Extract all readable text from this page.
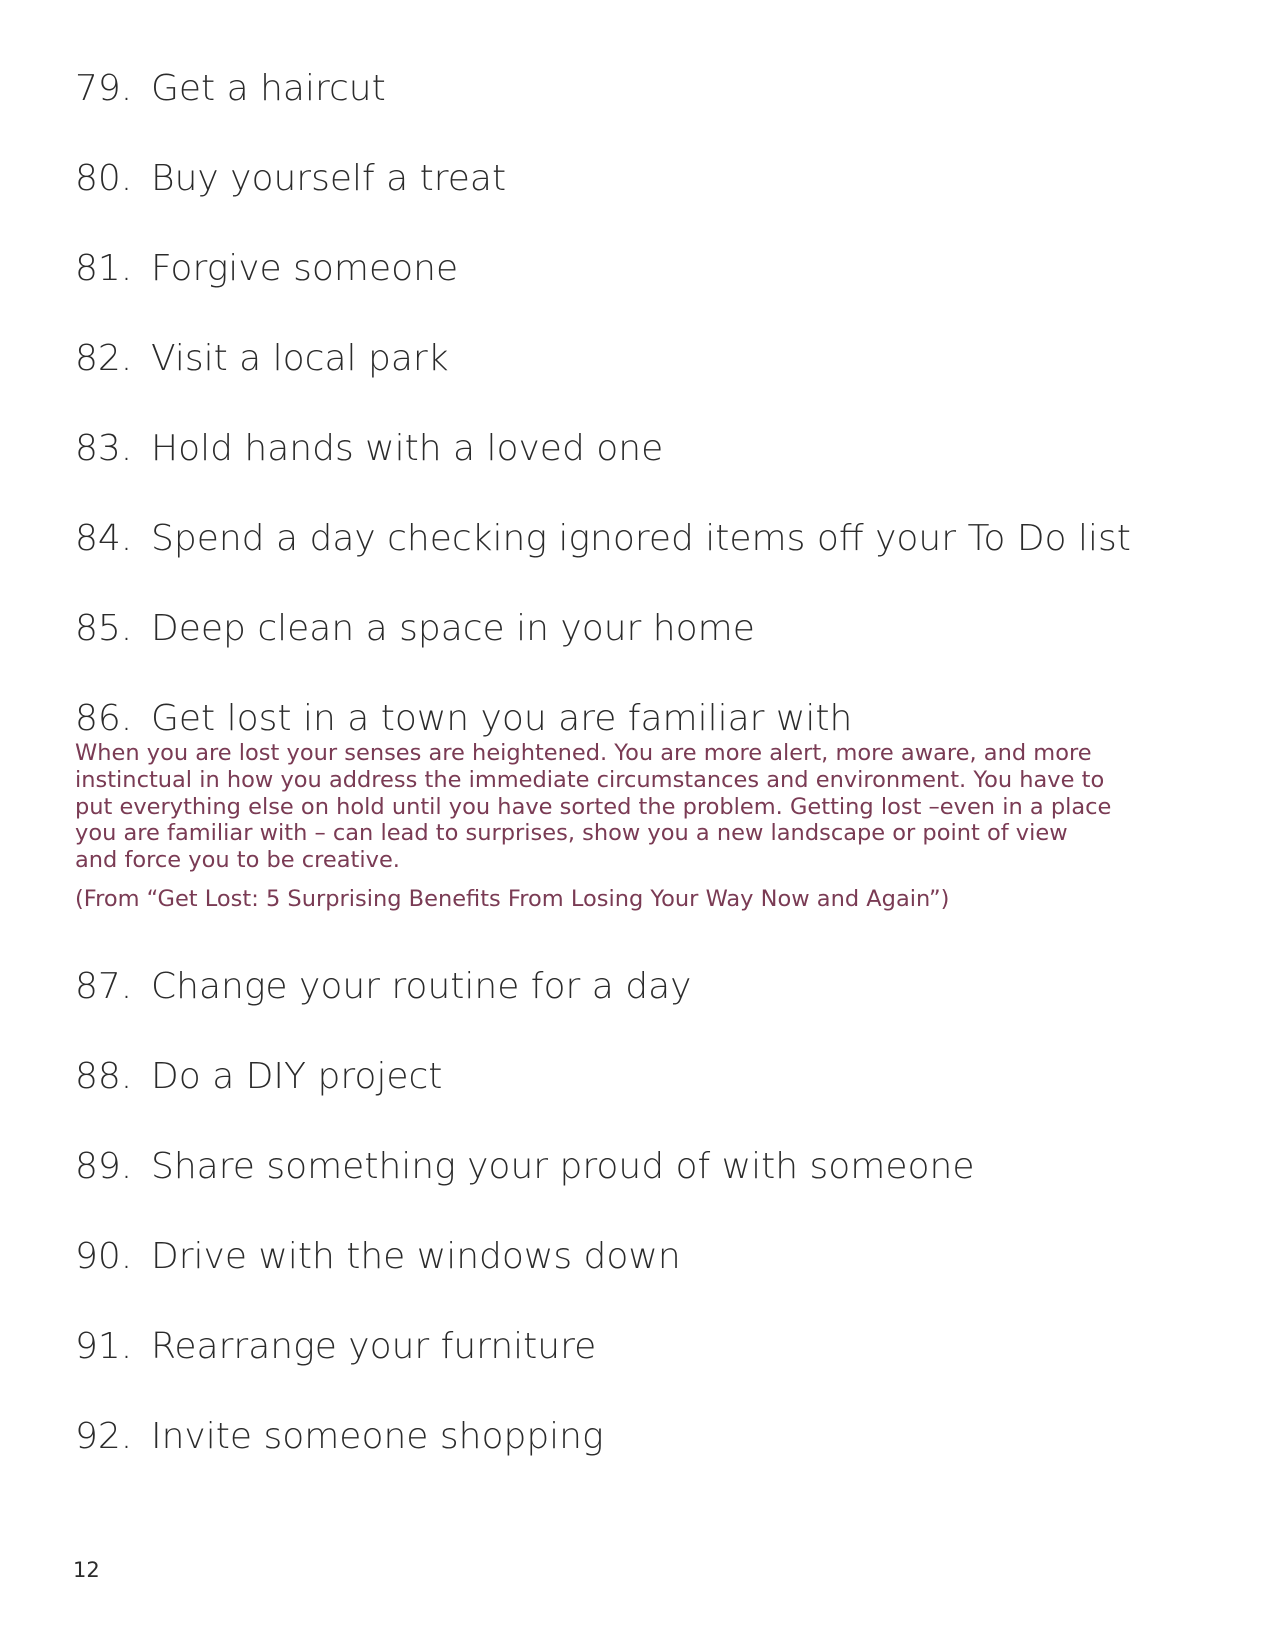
79. Get a haircut
80. Buy yourself a treat
81. Forgive someone
82. Visit a local park
83. Hold hands with a loved one
84. Spend a day checking ignored items off your To Do list
85. Deep clean a space in your home
86. Get lost in a town you are familiar with
When you are lost your senses are heightened. You are more alert, more aware, and more
instinctual in how you address the immediate circumstances and environment. You have to
put everything else on hold until you have sorted the problem. Getting lost –even in a place
you are familiar with – can lead to surprises, show you a new landscape or point of view
and force you to be creative.
(From “Get Lost: 5 Surprising Benefits From Losing Your Way Now and Again”)
87. Change your routine for a day
88. Do a DIY project
89. Share something your proud of with someone
90. Drive with the windows down
91. Rearrange your furniture
92. Invite someone shopping
12
